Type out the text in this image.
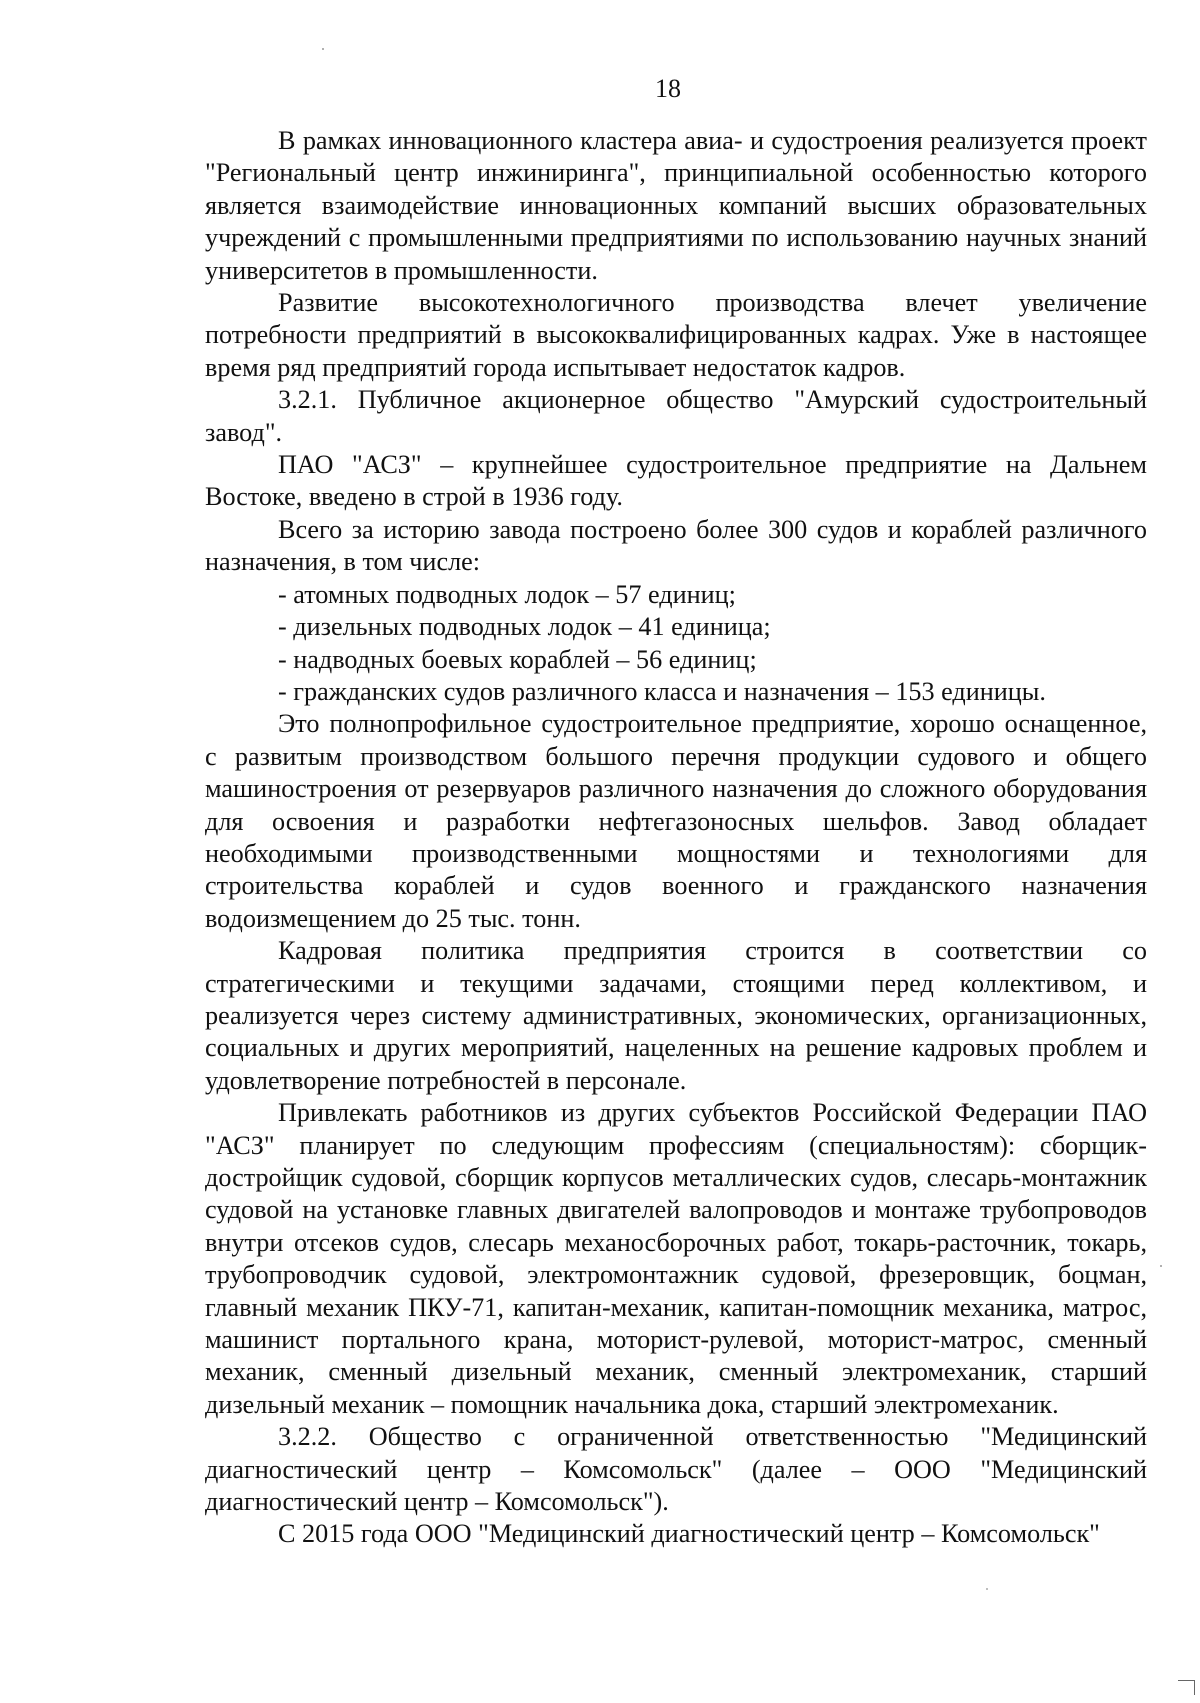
18

В рамках инновационного кластера авиа- и судостроения реализуется проект "Региональный центр инжиниринга", принципиальной особенностью которого является взаимодействие инновационных компаний высших образовательных учреждений с промышленными предприятиями по использованию научных знаний университетов в промышленности.

Развитие высокотехнологичного производства влечет увеличение потребности предприятий в высококвалифицированных кадрах. Уже в настоящее время ряд предприятий города испытывает недостаток кадров.

3.2.1. Публичное акционерное общество "Амурский судостроительный завод".

ПАО "АСЗ" – крупнейшее судостроительное предприятие на Дальнем Востоке, введено в строй в 1936 году.

Всего за историю завода построено более 300 судов и кораблей различного назначения, в том числе:

- атомных подводных лодок – 57 единиц;

- дизельных подводных лодок – 41 единица;

- надводных боевых кораблей – 56 единиц;

- гражданских судов различного класса и назначения – 153 единицы.

Это полнопрофильное судостроительное предприятие, хорошо оснащенное, с развитым производством большого перечня продукции судового и общего машиностроения от резервуаров различного назначения до сложного оборудования для освоения и разработки нефтегазоносных шельфов. Завод обладает необходимыми производственными мощностями и технологиями для строительства кораблей и судов военного и гражданского назначения водоизмещением до 25 тыс. тонн.

Кадровая политика предприятия строится в соответствии со стратегическими и текущими задачами, стоящими перед коллективом, и реализуется через систему административных, экономических, организационных, социальных и других мероприятий, нацеленных на решение кадровых проблем и удовлетворение потребностей в персонале.

Привлекать работников из других субъектов Российской Федерации ПАО "АСЗ" планирует по следующим профессиям (специальностям): сборщик-достройщик судовой, сборщик корпусов металлических судов, слесарь-монтажник судовой на установке главных двигателей валопроводов и монтаже трубопроводов внутри отсеков судов, слесарь механосборочных работ, токарь-расточник, токарь, трубопроводчик судовой, электромонтажник судовой, фрезеровщик, боцман, главный механик ПКУ-71, капитан-механик, капитан-помощник механика, матрос, машинист портального крана, моторист-рулевой, моторист-матрос, сменный механик, сменный дизельный механик, сменный электромеханик, старший дизельный механик – помощник начальника дока, старший электромеханик.

3.2.2. Общество с ограниченной ответственностью "Медицинский диагностический центр – Комсомольск" (далее – ООО "Медицинский диагностический центр – Комсомольск").

С 2015 года ООО "Медицинский диагностический центр – Комсомольск"
